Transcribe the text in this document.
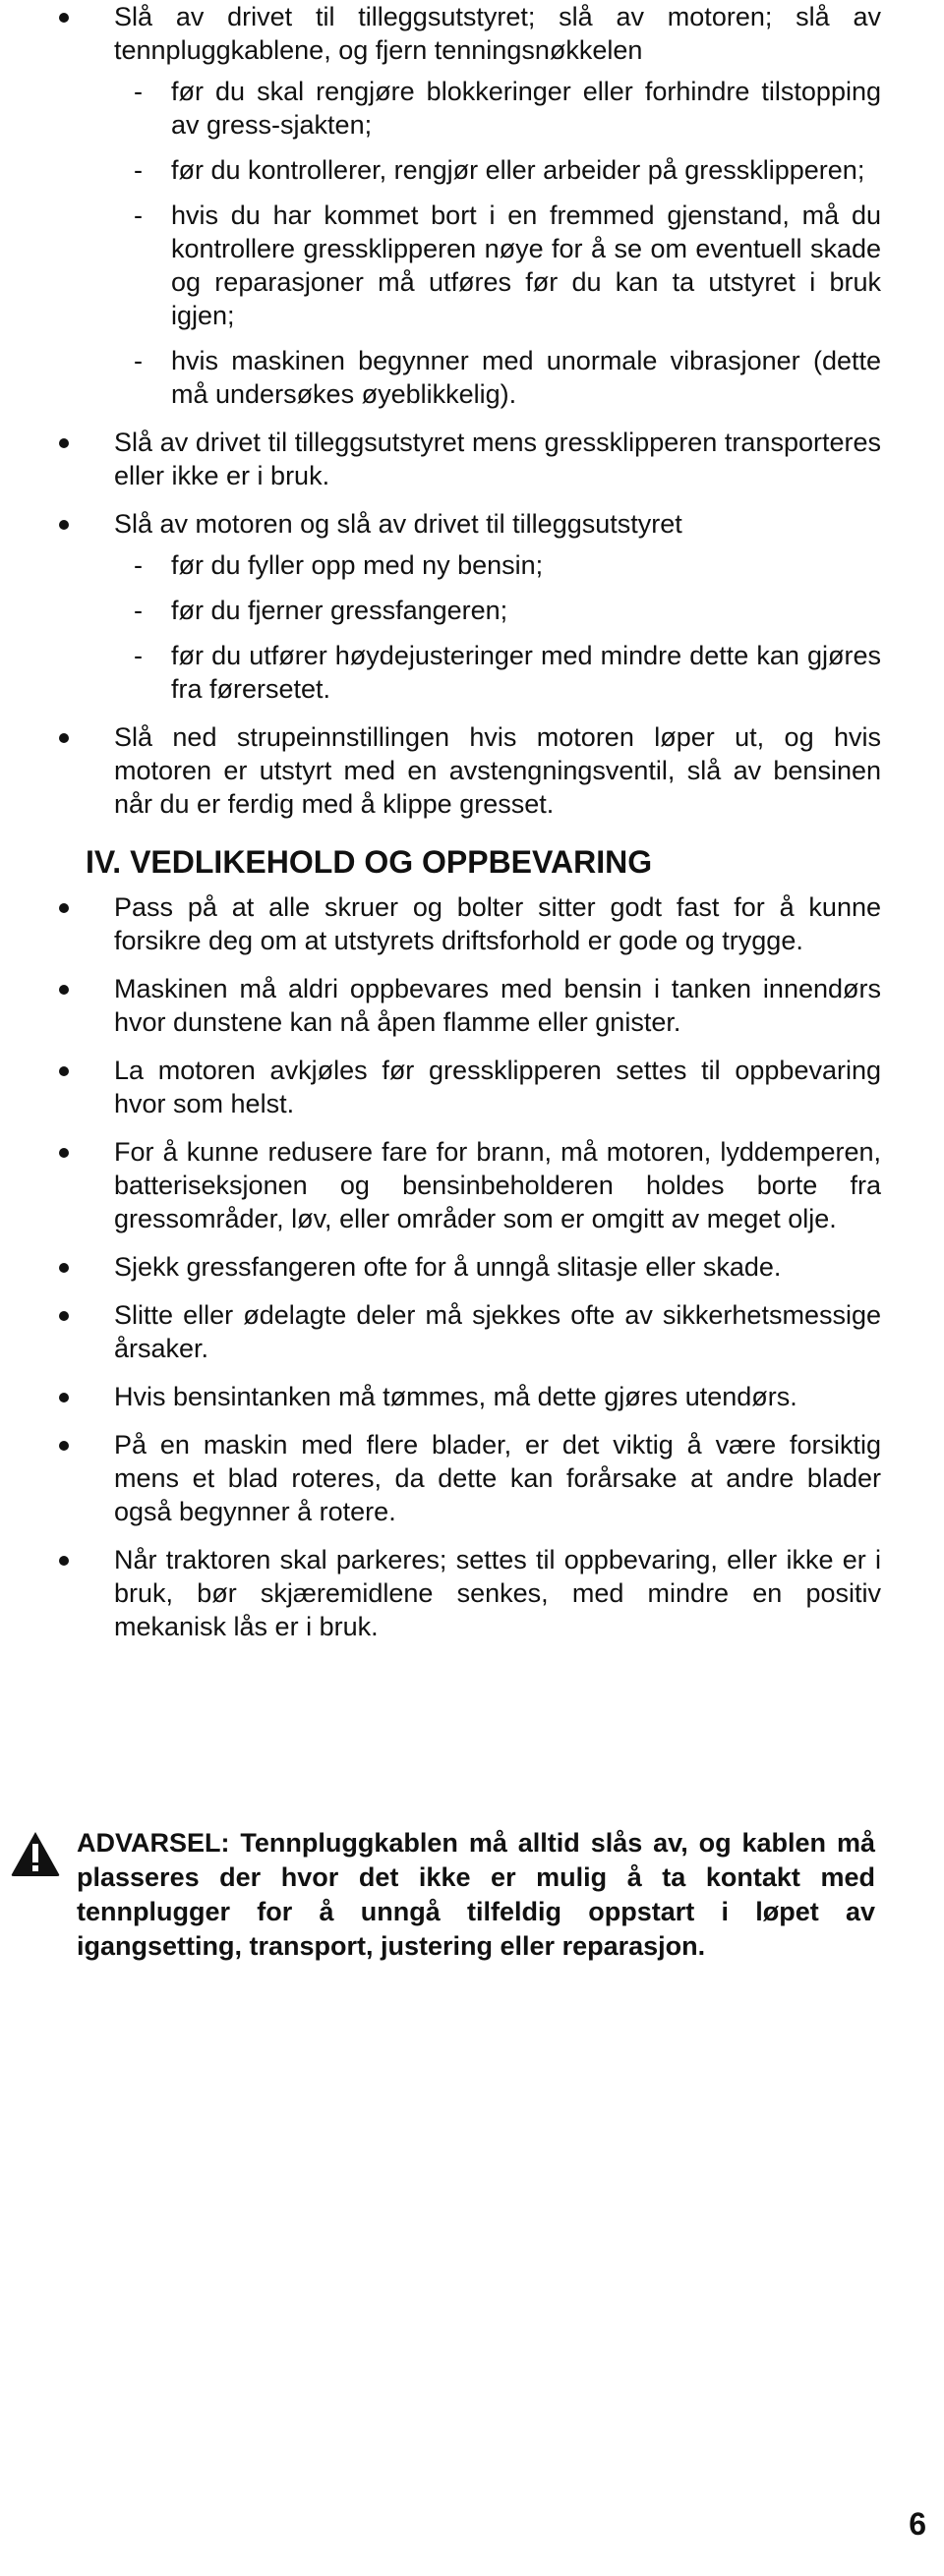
Slå av drivet til tilleggsutstyret; slå av motoren; slå av tennpluggkablene, og fjern tenningsnøkkelen
- før du skal rengjøre blokkeringer eller forhindre tilstopping av gress-sjakten;
- før du kontrollerer, rengjør eller arbeider på gressklipperen;
- hvis du har kommet bort i en fremmed gjenstand, må du kontrollere gressklipperen nøye for å se om eventuell skade og reparasjoner må utføres før du kan ta utstyret i bruk igjen;
- hvis maskinen begynner med unormale vibrasjoner (dette må undersøkes øyeblikkelig).
Slå av drivet til tilleggsutstyret mens gressklipperen transporteres eller ikke er i bruk.
Slå av motoren og slå av drivet til tilleggsutstyret
- før du fyller opp med ny bensin;
- før du fjerner gressfangeren;
- før du utfører høydejusteringer med mindre dette kan gjøres fra førersetet.
Slå ned strupeinnstillingen hvis motoren løper ut, og hvis motoren er utstyrt med en avstengningsventil, slå av bensinen når du er ferdig med å klippe gresset.
IV. VEDLIKEHOLD OG OPPBEVARING
Pass på at alle skruer og bolter sitter godt fast for å kunne forsikre deg om at utstyrets driftsforhold er gode og trygge.
Maskinen må aldri oppbevares med bensin i tanken innendørs hvor dunstene kan nå åpen flamme eller gnister.
La motoren avkjøles før gressklipperen settes til oppbevaring hvor som helst.
For å kunne redusere fare for brann, må motoren, lyddemperen, batteriseksjonen og bensinbeholderen holdes borte fra gressområder, løv, eller områder som er omgitt av meget olje.
Sjekk gressfangeren ofte for å unngå slitasje eller skade.
Slitte eller ødelagte deler må sjekkes ofte av sikkerhetsmessige årsaker.
Hvis bensintanken må tømmes, må dette gjøres utendørs.
På en maskin med flere blader, er det viktig å være forsiktig mens et blad roteres, da dette kan forårsake at andre blader også begynner å rotere.
Når traktoren skal parkeres; settes til oppbevaring, eller ikke er i bruk, bør skjæremidlene senkes, med mindre en positiv mekanisk lås er i bruk.
ADVARSEL: Tennpluggkablen må alltid slås av, og kablen må plasseres der hvor det ikke er mulig å ta kontakt med tennplugger for å unngå tilfeldig oppstart i løpet av igangsetting, transport, justering eller reparasjon.
6
